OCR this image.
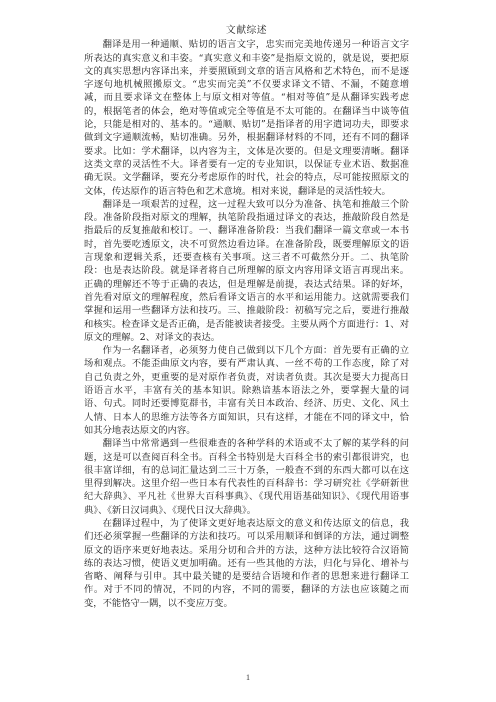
文献综述

翻译是用一种通顺、贴切的语言文字，忠实而完美地传递另一种语言文字所表达的真实意义和丰姿。“真实意义和丰姿”是指原文说的，就是说，要把原文的真实思想内容译出来，并要照顾到文章的语言风格和艺术特色，而不是逐字逐句地机械照搬原文。“忠实而完美”不仅要求译文不错、不漏，不随意增减，而且要求译文在整体上与原文相对等值。“相对等值”是从翻译实践考虑的，根据笔者的体会，绝对等值或完全等值是不太可能的。在翻译当中谈等值论，只能是相对的、基本的。“通顺、贴切”是指译者的用字遣词功夫，即要求做到文字通顺流畅，贴切准确。另外，根据翻译材料的不同，还有不同的翻译要求。比如：学术翻译，以内容为主，文体是次要的。但是文理要清晰。翻译这类文章的灵活性不大。译者要有一定的专业知识，以保证专业术语、数据准确无误。文学翻译，要充分考虑原作的时代，社会的特点，尽可能按照原文的文体，传达原作的语言特色和艺术意境。相对来说，翻译是的灵活性较大。

翻译是一项艰苦的过程，这一过程大致可以分为准备、执笔和推敲三个阶段。准备阶段指对原文的理解，执笔阶段指通过译文的表达，推敲阶段自然是指最后的反复推敲和校订。一、翻译准备阶段：当我们翻译一篇文章或一本书时，首先要吃透原文，决不可贸然边看边译。在准备阶段，既要理解原文的语言现象和逻辑关系，还要查核有关事项。这三者不可截然分开。二、执笔阶段：也是表达阶段。就是译者将自己所理解的原文内容用译文语言再现出来。正确的理解还不等于正确的表达，但是理解是前提，表达式结果。译的好坏，首先看对原文的理解程度，然后看译文语言的水平和运用能力。这就需要我们掌握和运用一些翻译方法和技巧。三、推敲阶段：初稿写完之后，要进行推敲和核实。检查译文是否正确，是否能被读者接受。主要从两个方面进行：1、对原文的理解。2、对译文的表达。

作为一名翻译者，必须努力使自己做到以下几个方面：首先要有正确的立场和观点。不能歪曲原文内容，要有严肃认真、一丝不苟的工作态度，除了对自己负责之外，更重要的是对原作者负责，对读者负责。其次是要大力提高日语语言水平，丰富有关的基本知识。除熟谙基本语法之外，要掌握大量的词语、句式。同时还要博览群书，丰富有关日本政治、经济、历史、文化、风土人情、日本人的思维方法等各方面知识，只有这样，才能在不同的译文中，恰如其分地表达原文的内容。

翻译当中常常遇到一些很难查的各种学科的术语或不太了解的某学科的问题，这是可以查阅百科全书。百科全书特别是大百科全书的索引都很讲究，也很丰富详细，有的总词汇量达到二三十万条，一般查不到的东西大都可以在这里得到解决。这里介绍一些日本有代表性的百科辞书：学习研究社《学研新世纪大辞典》、平凡社《世界大百科事典》、《现代用语基础知识》、《现代用语事典》、《新日汉词典》、《现代日汉大辞典》。

在翻译过程中，为了使译文更好地表达原文的意义和传达原文的信息，我们还必须掌握一些翻译的方法和技巧。可以采用顺译和倒译的方法，通过调整原文的语序来更好地表达。采用分切和合并的方法，这种方法比较符合汉语简练的表达习惯，使语义更加明确。还有一些其他的方法，归化与异化、增补与省略、阐释与引申。其中最关键的是要结合语境和作者的思想来进行翻译工作。对于不同的情况，不同的内容，不同的需要，翻译的方法也应该随之而变，不能恪守一隅，以不变应万变。

1
